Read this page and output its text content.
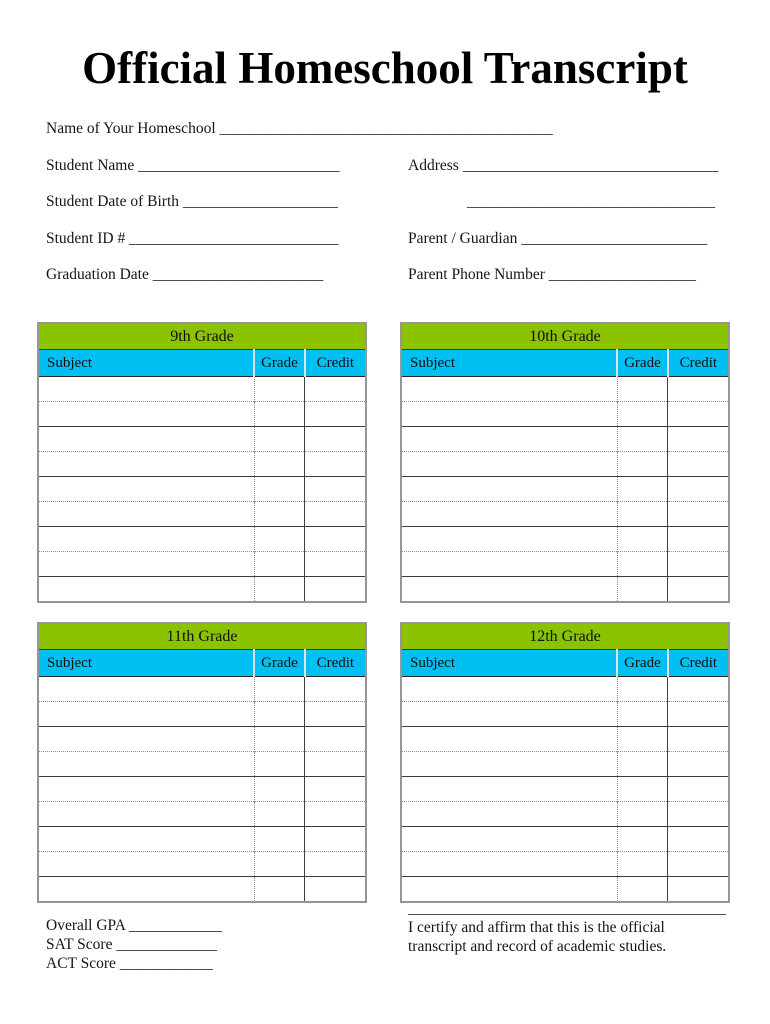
Official Homeschool Transcript
Name of Your Homeschool ___________________________________________
Student Name __________________________	Address _________________________________
Student Date of Birth ____________________	________________________________
Student ID # ___________________________	Parent / Guardian ________________________
Graduation Date ______________________	Parent Phone Number ___________________
9th Grade		
Subject	Grade	Credit

10th Grade		
Subject	Grade	Credit

11th Grade		
Subject	Grade	Credit

12th Grade		
Subject	Grade	Credit

Overall GPA ____________
SAT Score _____________
ACT Score ____________
_________________________________________
I certify and affirm that this is the official
transcript and record of academic studies.
